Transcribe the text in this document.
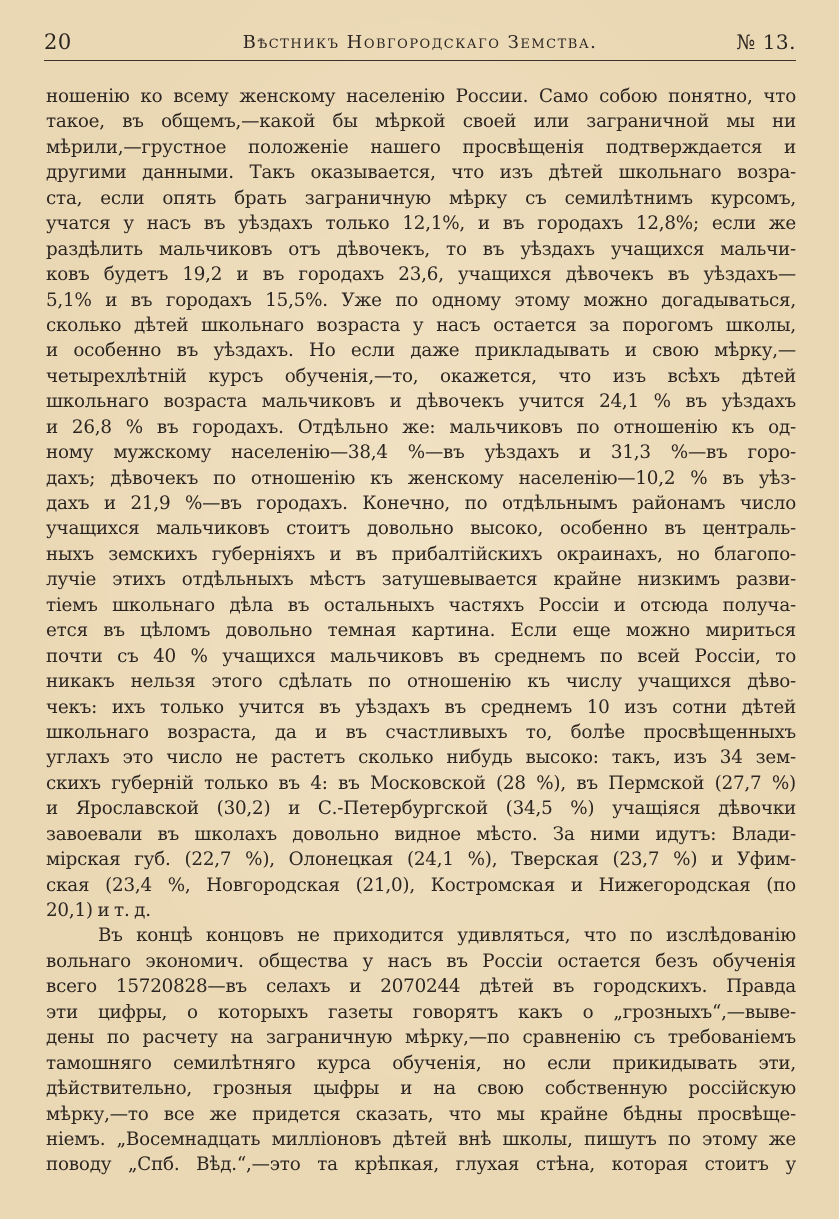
20	Вѣстникъ Новгородскаго Земства.	№ 13.
ношенію ко всему женскому населенію России. Само собою понятно, что
такое, въ общемъ,—какой бы мѣркой своей или заграничной мы ни
мѣрили,—грустное положеніе нашего просвѣщенія подтверждается и
другими данными. Такъ оказывается, что изъ дѣтей школьнаго возра-
ста, если опять брать заграничную мѣрку съ семилѣтнимъ курсомъ,
учатся у насъ въ уѣздахъ только 12,1%, и въ городахъ 12,8%; если же
раздѣлить мальчиковъ отъ дѣвочекъ, то въ уѣздахъ учащихся мальчи-
ковъ будетъ 19,2 и въ городахъ 23,6, учащихся дѣвочекъ въ уѣздахъ—
5,1% и въ городахъ 15,5%. Уже по одному этому можно догадываться,
сколько дѣтей школьнаго возраста у насъ остается за порогомъ школы,
и особенно въ уѣздахъ. Но если даже прикладывать и свою мѣрку,—
четырехлѣтній курсъ обученія,—то, окажется, что изъ всѣхъ дѣтей
школьнаго возраста мальчиковъ и дѣвочекъ учится 24,1 % въ уѣздахъ
и 26,8 % въ городахъ. Отдѣльно же: мальчиковъ по отношенію къ од-
ному мужскому населенію—38,4 %—въ уѣздахъ и 31,3 %—въ горо-
дахъ; дѣвочекъ по отношенію къ женскому населенію—10,2 % въ уѣз-
дахъ и 21,9 %—въ городахъ. Конечно, по отдѣльнымъ районамъ число
учащихся мальчиковъ стоитъ довольно высоко, особенно въ централь-
ныхъ земскихъ губерніяхъ и въ прибалтійскихъ окраинахъ, но благопо-
лучіе этихъ отдѣльныхъ мѣстъ затушевывается крайне низкимъ разви-
тіемъ школьнаго дѣла въ остальныхъ частяхъ Россіи и отсюда получа-
ется въ цѣломъ довольно темная картина. Если еще можно мириться
почти съ 40 % учащихся мальчиковъ въ среднемъ по всей Россіи, то
никакъ нельзя этого сдѣлать по отношенію къ числу учащихся дѣво-
чекъ: ихъ только учится въ уѣздахъ въ среднемъ 10 изъ сотни дѣтей
школьнаго возраста, да и въ счастливыхъ то, болѣе просвѣщенныхъ
углахъ это число не растетъ сколько нибудь высоко: такъ, изъ 34 зем-
скихъ губерній только въ 4: въ Московской (28 %), въ Пермской (27,7 %)
и Ярославской (30,2) и С.-Петербургской (34,5 %) учащіяся дѣвочки
завоевали въ школахъ довольно видное мѣсто. За ними идутъ: Влади-
мірская губ. (22,7 %), Олонецкая (24,1 %), Тверская (23,7 %) и Уфим-
ская (23,4 %, Новгородская (21,0), Костромская и Нижегородская (по
20,1) и т. д.
Въ концѣ концовъ не приходится удивляться, что по изслѣдованію
вольнаго экономич. общества у насъ въ Россіи остается безъ обученія
всего 15720828—въ селахъ и 2070244 дѣтей въ городскихъ. Правда
эти цифры, о которыхъ газеты говорятъ какъ о „грозныхъ“,—выве-
дены по расчету на заграничную мѣрку,—по сравненію съ требованіемъ
тамошняго семилѣтняго курса обученія, но если прикидывать эти,
дѣйствительно, грозныя цыфры и на свою собственную россійскую
мѣрку,—то все же придется сказать, что мы крайне бѣдны просвѣще-
ніемъ. „Восемнадцать милліоновъ дѣтей внѣ школы, пишутъ по этому же
поводу „Спб. Вѣд.“,—это та крѣпкая, глухая стѣна, которая стоитъ у
